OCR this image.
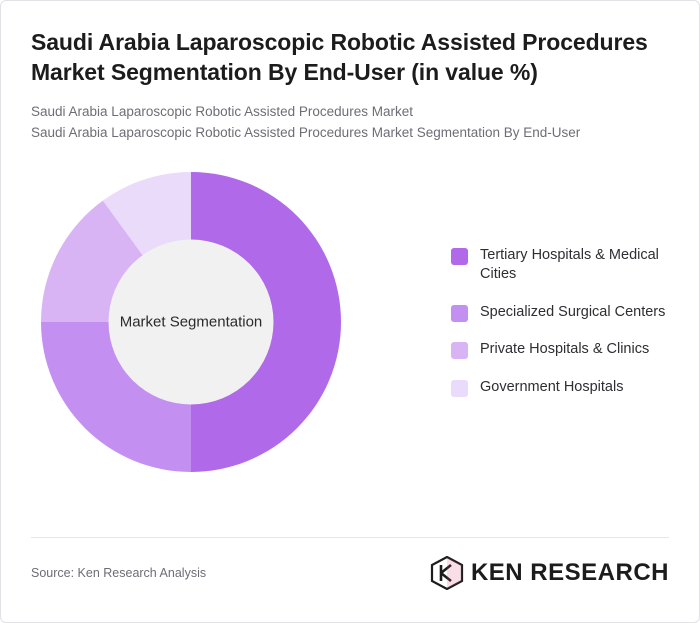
Saudi Arabia Laparoscopic Robotic Assisted Procedures Market Segmentation By End-User (in value %)
Saudi Arabia Laparoscopic Robotic Assisted Procedures Market
Saudi Arabia Laparoscopic Robotic Assisted Procedures Market Segmentation By End-User
Market Segmentation
Tertiary Hospitals & Medical Cities
Specialized Surgical Centers
Private Hospitals & Clinics
Government Hospitals
Source: Ken Research Analysis	KEN RESEARCH
